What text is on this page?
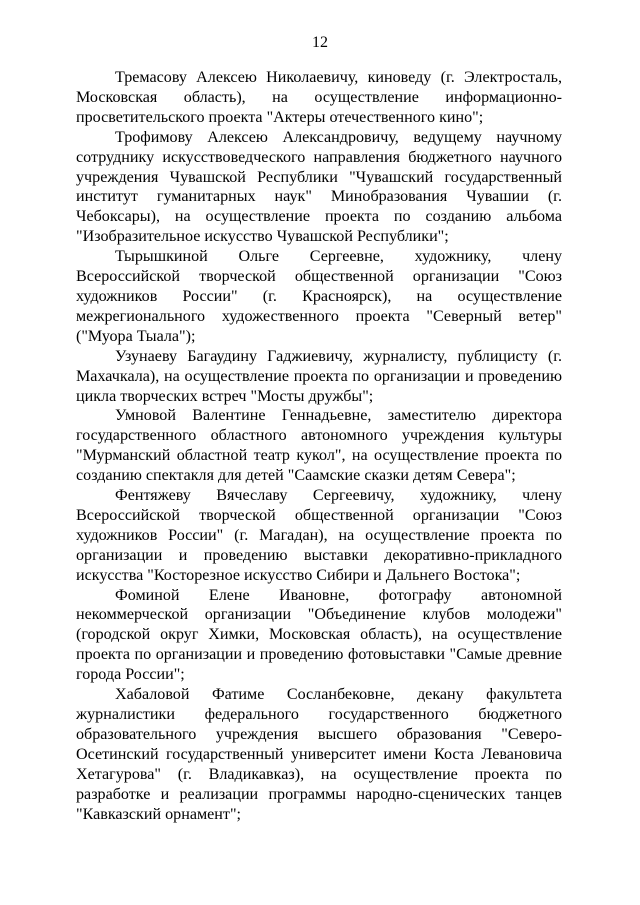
12

Тремасову Алексею Николаевичу, киноведу (г. Электросталь, Московская область), на осуществление информационно-просветительского проекта "Актеры отечественного кино";

Трофимову Алексею Александровичу, ведущему научному сотруднику искусствоведческого направления бюджетного научного учреждения Чувашской Республики "Чувашский государственный институт гуманитарных наук" Минобразования Чувашии (г. Чебоксары), на осуществление проекта по созданию альбома "Изобразительное искусство Чувашской Республики";

Тырышкиной Ольге Сергеевне, художнику, члену Всероссийской творческой общественной организации "Союз художников России" (г. Красноярск), на осуществление межрегионального художественного проекта "Северный ветер" ("Муора Тыала");

Узунаеву Багаудину Гаджиевичу, журналисту, публицисту (г. Махачкала), на осуществление проекта по организации и проведению цикла творческих встреч "Мосты дружбы";

Умновой Валентине Геннадьевне, заместителю директора государственного областного автономного учреждения культуры "Мурманский областной театр кукол", на осуществление проекта по созданию спектакля для детей "Саамские сказки детям Севера";

Фентяжеву Вячеславу Сергеевичу, художнику, члену Всероссийской творческой общественной организации "Союз художников России" (г. Магадан), на осуществление проекта по организации и проведению выставки декоративно-прикладного искусства "Косторезное искусство Сибири и Дальнего Востока";

Фоминой Елене Ивановне, фотографу автономной некоммерческой организации "Объединение клубов молодежи" (городской округ Химки, Московская область), на осуществление проекта по организации и проведению фотовыставки "Самые древние города России";

Хабаловой Фатиме Сосланбековне, декану факультета журналистики федерального государственного бюджетного образовательного учреждения высшего образования "Северо-Осетинский государственный университет имени Коста Левановича Хетагурова" (г. Владикавказ), на осуществление проекта по разработке и реализации программы народно-сценических танцев "Кавказский орнамент";
